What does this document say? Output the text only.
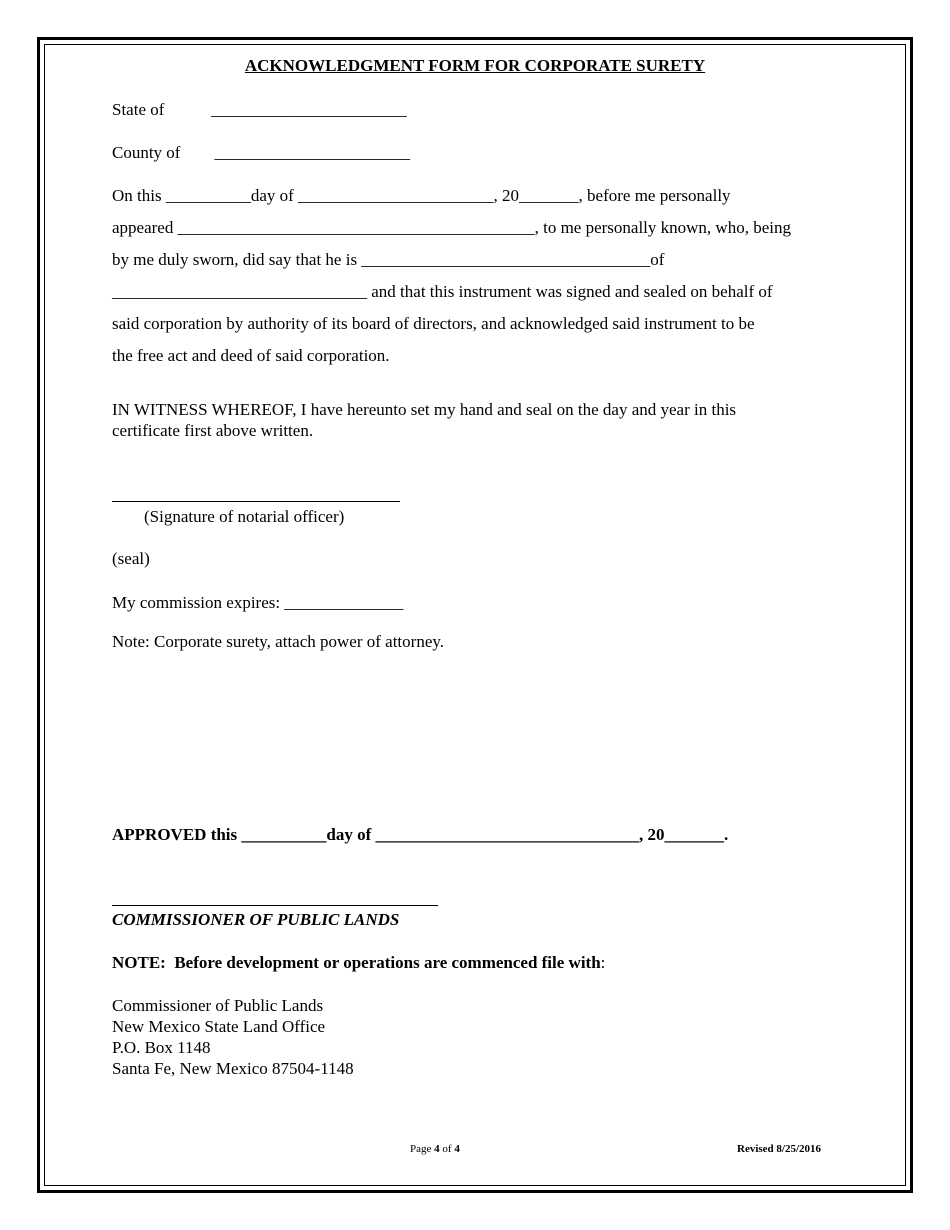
ACKNOWLEDGMENT FORM FOR CORPORATE SURETY
State of           _______________________
County of        _______________________
On this __________day of _______________________, 20_______, before me personally
appeared __________________________________________, to me personally known, who, being
by me duly sworn, did say that he is __________________________________of
______________________________ and that this instrument was signed and sealed on behalf of
said corporation by authority of its board of directors, and acknowledged said instrument to be
the free act and deed of said corporation.
IN WITNESS WHEREOF, I have hereunto set my hand and seal on the day and year in this
certificate first above written.
(Signature of notarial officer)
(seal)
My commission expires: ______________
Note: Corporate surety, attach power of attorney.
APPROVED this __________day of _______________________________, 20_______.
COMMISSIONER OF PUBLIC LANDS
NOTE:  Before development or operations are commenced file with:
Commissioner of Public Lands
New Mexico State Land Office
P.O. Box 1148
Santa Fe, New Mexico 87504-1148
Page 4 of 4	Revised 8/25/2016
